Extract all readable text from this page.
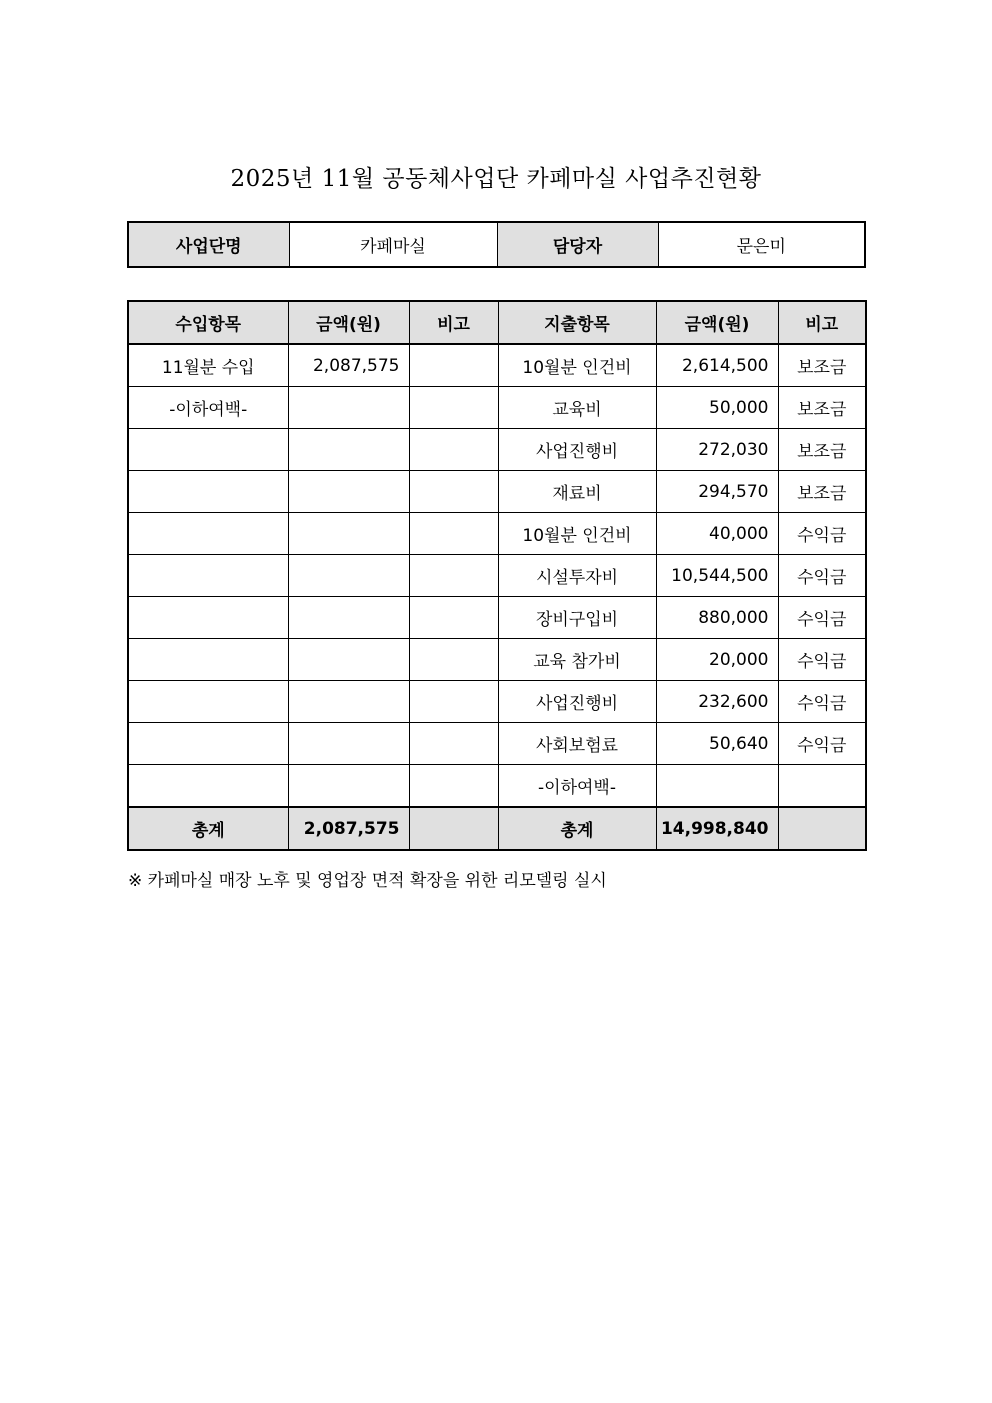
2025년 11월 공동체사업단 카페마실 사업추진현황
사업단명	카페마실	담당자	문은미
수입항목	금액(원)	비고	지출항목	금액(원)	비고
11월분 수입	2,087,575		10월분 인건비	2,614,500	보조금
-이하여백-			교육비	50,000	보조금
			사업진행비	272,030	보조금
			재료비	294,570	보조금
			10월분 인건비	40,000	수익금
			시설투자비	10,544,500	수익금
			장비구입비	880,000	수익금
			교육 참가비	20,000	수익금
			사업진행비	232,600	수익금
			사회보험료	50,640	수익금
			-이하여백-		
총계	2,087,575		총계	14,998,840	
※ 카페마실 매장 노후 및 영업장 면적 확장을 위한 리모델링 실시
